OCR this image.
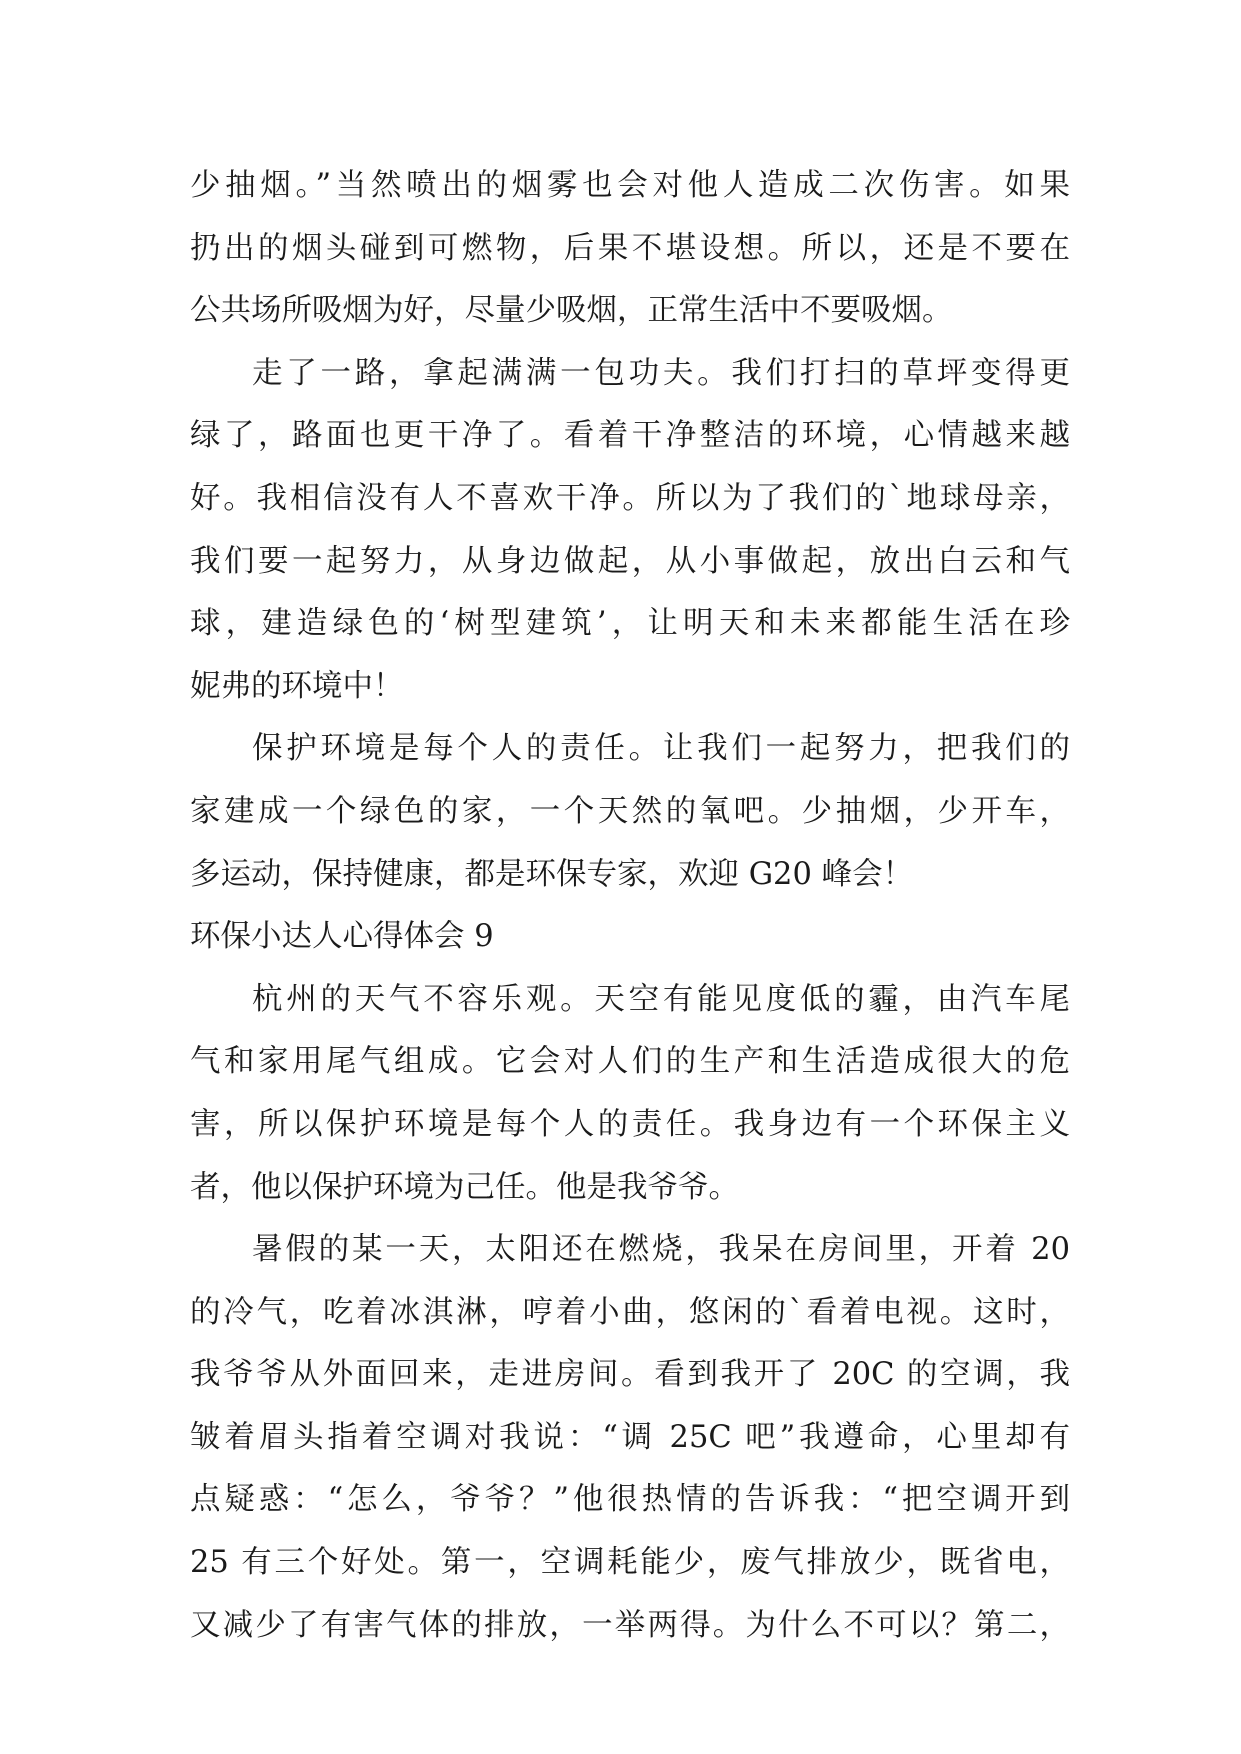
少抽烟。”当然喷出的烟雾也会对他人造成二次伤害。如果
扔出的烟头碰到可燃物，后果不堪设想。所以，还是不要在
公共场所吸烟为好，尽量少吸烟，正常生活中不要吸烟。
走了一路，拿起满满一包功夫。我们打扫的草坪变得更
绿了，路面也更干净了。看着干净整洁的环境，心情越来越
好。我相信没有人不喜欢干净。所以为了我们的`地球母亲，
我们要一起努力，从身边做起，从小事做起，放出白云和气
球，建造绿色的‘树型建筑’，让明天和未来都能生活在珍
妮弗的环境中！
保护环境是每个人的责任。让我们一起努力，把我们的
家建成一个绿色的家，一个天然的氧吧。少抽烟，少开车，
多运动，保持健康，都是环保专家，欢迎 G20 峰会！
环保小达人心得体会 9
杭州的天气不容乐观。天空有能见度低的霾，由汽车尾
气和家用尾气组成。它会对人们的生产和生活造成很大的危
害，所以保护环境是每个人的责任。我身边有一个环保主义
者，他以保护环境为己任。他是我爷爷。
暑假的某一天，太阳还在燃烧，我呆在房间里，开着 20
的冷气，吃着冰淇淋，哼着小曲，悠闲的`看着电视。这时，
我爷爷从外面回来，走进房间。看到我开了 20C 的空调，我
皱着眉头指着空调对我说：“调 25C 吧”我遵命，心里却有
点疑惑：“怎么，爷爷？”他很热情的告诉我：“把空调开到
25 有三个好处。第一，空调耗能少，废气排放少，既省电，
又减少了有害气体的排放，一举两得。为什么不可以？第二，
